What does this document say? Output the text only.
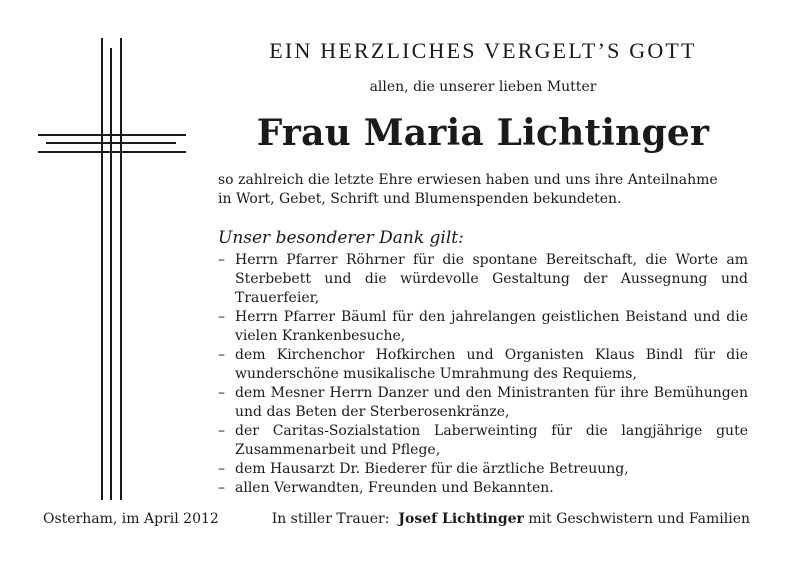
EIN HERZLICHES VERGELT’S GOTT
allen, die unserer lieben Mutter
Frau Maria Lichtinger
so zahlreich die letzte Ehre erwiesen haben und uns ihre Anteilnahme
in Wort, Gebet, Schrift und Blumenspenden bekundeten.
Unser besonderer Dank gilt:
– Herrn Pfarrer Röhrner für die spontane Bereitschaft, die Worte am Sterbebett und die würdevolle Gestaltung der Aussegnung und Trauerfeier,
– Herrn Pfarrer Bäuml für den jahrelangen geistlichen Beistand und die vielen Krankenbesuche,
– dem Kirchenchor Hofkirchen und Organisten Klaus Bindl für die wunderschöne musikalische Umrahmung des Requiems,
– dem Mesner Herrn Danzer und den Ministranten für ihre Bemühungen und das Beten der Sterberosenkränze,
– der Caritas-Sozialstation Laberweinting für die langjährige gute Zusammenarbeit und Pflege,
– dem Hausarzt Dr. Biederer für die ärztliche Betreuung,
– allen Verwandten, Freunden und Bekannten.
Osterham, im April 2012	In stiller Trauer: Josef Lichtinger mit Geschwistern und Familien
